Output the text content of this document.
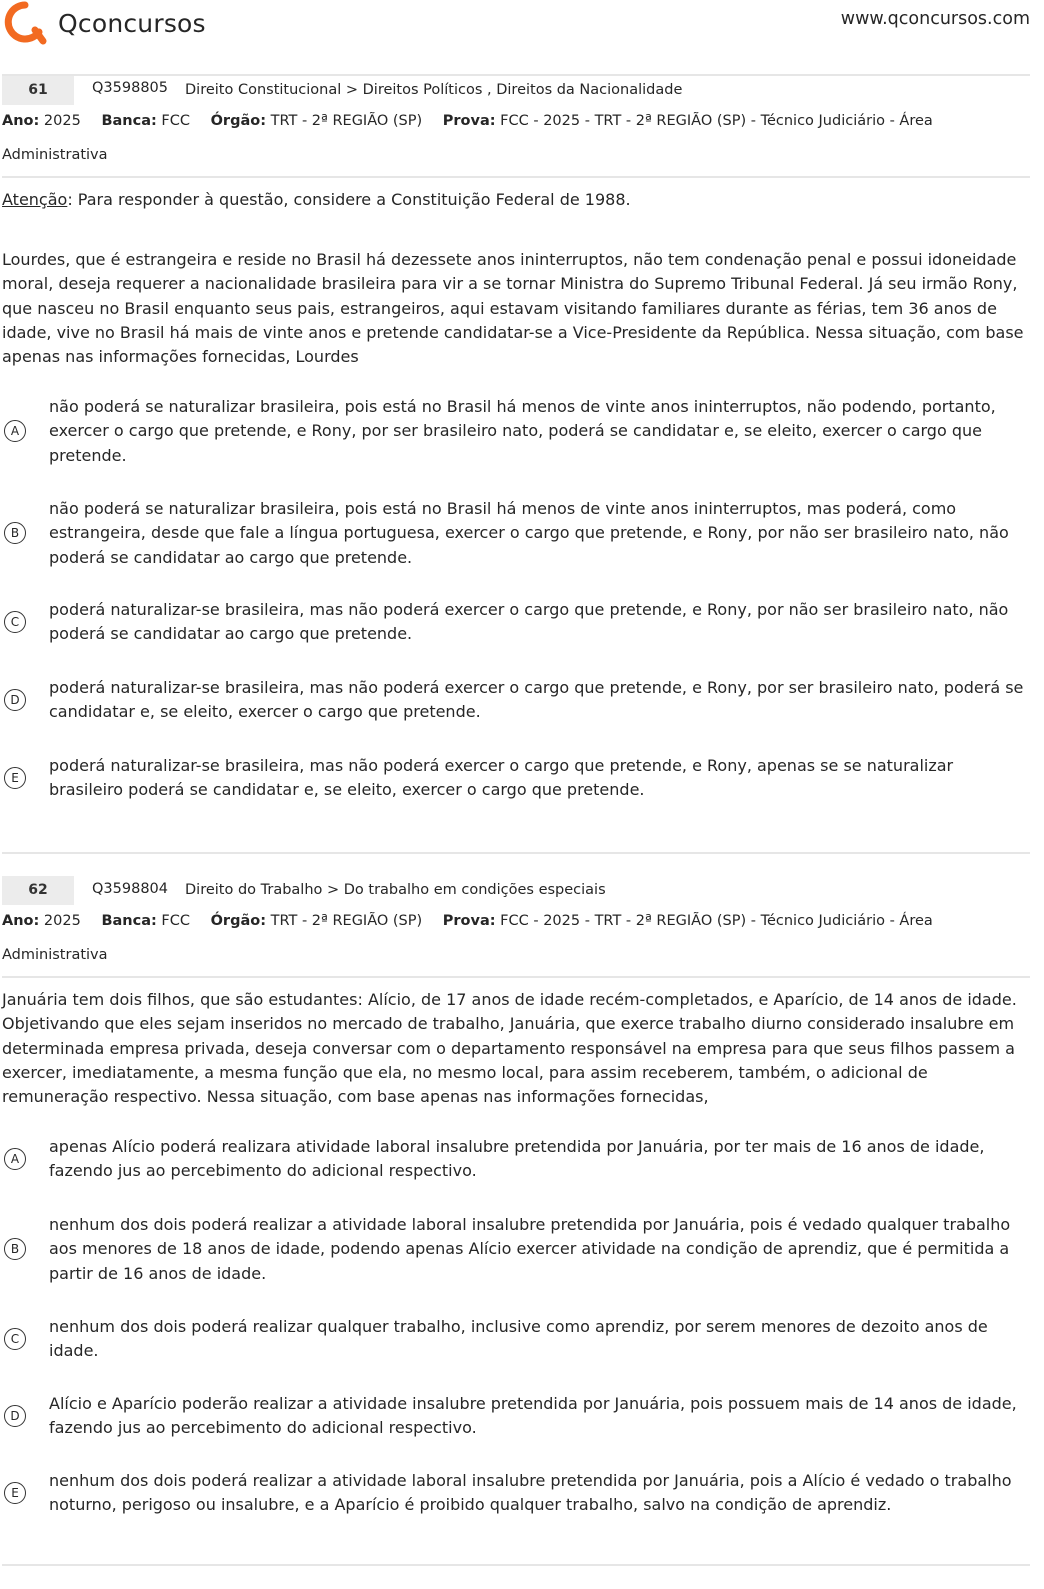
Qconcursos	www.qconcursos.com
61	Q3598805 Direito Constitucional > Direitos Políticos , Direitos da Nacionalidade
Ano: 2025 Banca: FCC Órgão: TRT - 2ª REGIÃO (SP) Prova: FCC - 2025 - TRT - 2ª REGIÃO (SP) - Técnico Judiciário - Área Administrativa

Atenção: Para responder à questão, considere a Constituição Federal de 1988.

Lourdes, que é estrangeira e reside no Brasil há dezessete anos ininterruptos, não tem condenação penal e possui idoneidade moral, deseja requerer a nacionalidade brasileira para vir a se tornar Ministra do Supremo Tribunal Federal. Já seu irmão Rony, que nasceu no Brasil enquanto seus pais, estrangeiros, aqui estavam visitando familiares durante as férias, tem 36 anos de idade, vive no Brasil há mais de vinte anos e pretende candidatar-se a Vice-Presidente da República. Nessa situação, com base apenas nas informações fornecidas, Lourdes

A

não poderá se naturalizar brasileira, pois está no Brasil há menos de vinte anos ininterruptos, não podendo, portanto, exercer o cargo que pretende, e Rony, por ser brasileiro nato, poderá se candidatar e, se eleito, exercer o cargo que pretende.

B

não poderá se naturalizar brasileira, pois está no Brasil há menos de vinte anos ininterruptos, mas poderá, como estrangeira, desde que fale a língua portuguesa, exercer o cargo que pretende, e Rony, por não ser brasileiro nato, não poderá se candidatar ao cargo que pretende.

C

poderá naturalizar-se brasileira, mas não poderá exercer o cargo que pretende, e Rony, por não ser brasileiro nato, não poderá se candidatar ao cargo que pretende.

D

poderá naturalizar-se brasileira, mas não poderá exercer o cargo que pretende, e Rony, por ser brasileiro nato, poderá se candidatar e, se eleito, exercer o cargo que pretende.

E

poderá naturalizar-se brasileira, mas não poderá exercer o cargo que pretende, e Rony, apenas se se naturalizar brasileiro poderá se candidatar e, se eleito, exercer o cargo que pretende.

62	Q3598804 Direito do Trabalho > Do trabalho em condições especiais
Ano: 2025 Banca: FCC Órgão: TRT - 2ª REGIÃO (SP) Prova: FCC - 2025 - TRT - 2ª REGIÃO (SP) - Técnico Judiciário - Área Administrativa

Januária tem dois filhos, que são estudantes: Alício, de 17 anos de idade recém-completados, e Aparício, de 14 anos de idade. Objetivando que eles sejam inseridos no mercado de trabalho, Januária, que exerce trabalho diurno considerado insalubre em determinada empresa privada, deseja conversar com o departamento responsável na empresa para que seus filhos passem a exercer, imediatamente, a mesma função que ela, no mesmo local, para assim receberem, também, o adicional de remuneração respectivo. Nessa situação, com base apenas nas informações fornecidas,

A

apenas Alício poderá realizara atividade laboral insalubre pretendida por Januária, por ter mais de 16 anos de idade, fazendo jus ao percebimento do adicional respectivo.

B

nenhum dos dois poderá realizar a atividade laboral insalubre pretendida por Januária, pois é vedado qualquer trabalho aos menores de 18 anos de idade, podendo apenas Alício exercer atividade na condição de aprendiz, que é permitida a partir de 16 anos de idade.

C

nenhum dos dois poderá realizar qualquer trabalho, inclusive como aprendiz, por serem menores de dezoito anos de idade.

D

Alício e Aparício poderão realizar a atividade insalubre pretendida por Januária, pois possuem mais de 14 anos de idade, fazendo jus ao percebimento do adicional respectivo.

E

nenhum dos dois poderá realizar a atividade laboral insalubre pretendida por Januária, pois a Alício é vedado o trabalho noturno, perigoso ou insalubre, e a Aparício é proibido qualquer trabalho, salvo na condição de aprendiz.
